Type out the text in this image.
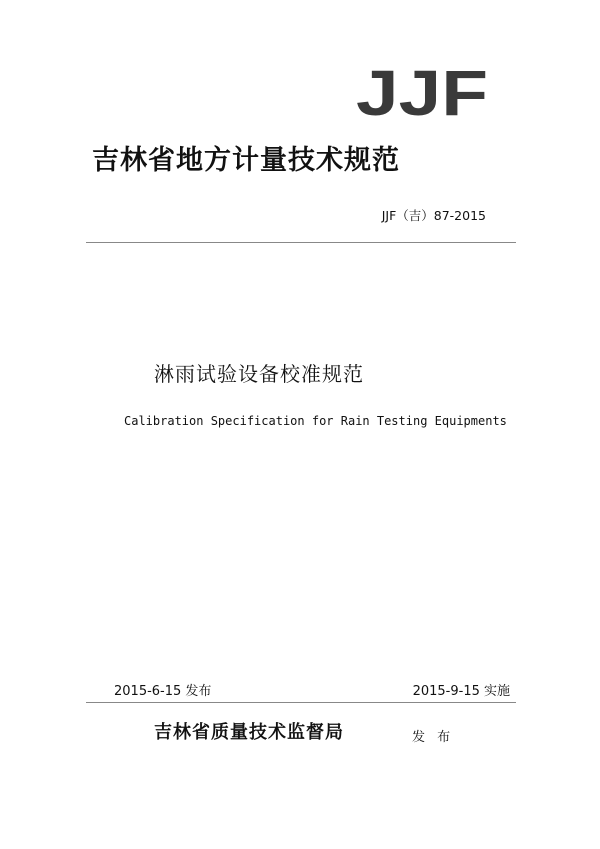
JJF
吉林省地方计量技术规范
JJF（吉）87-2015
淋雨试验设备校准规范
Calibration Specification for Rain Testing Equipments
2015-6-15 发布	2015-9-15 实施
吉林省质量技术监督局	发 布
